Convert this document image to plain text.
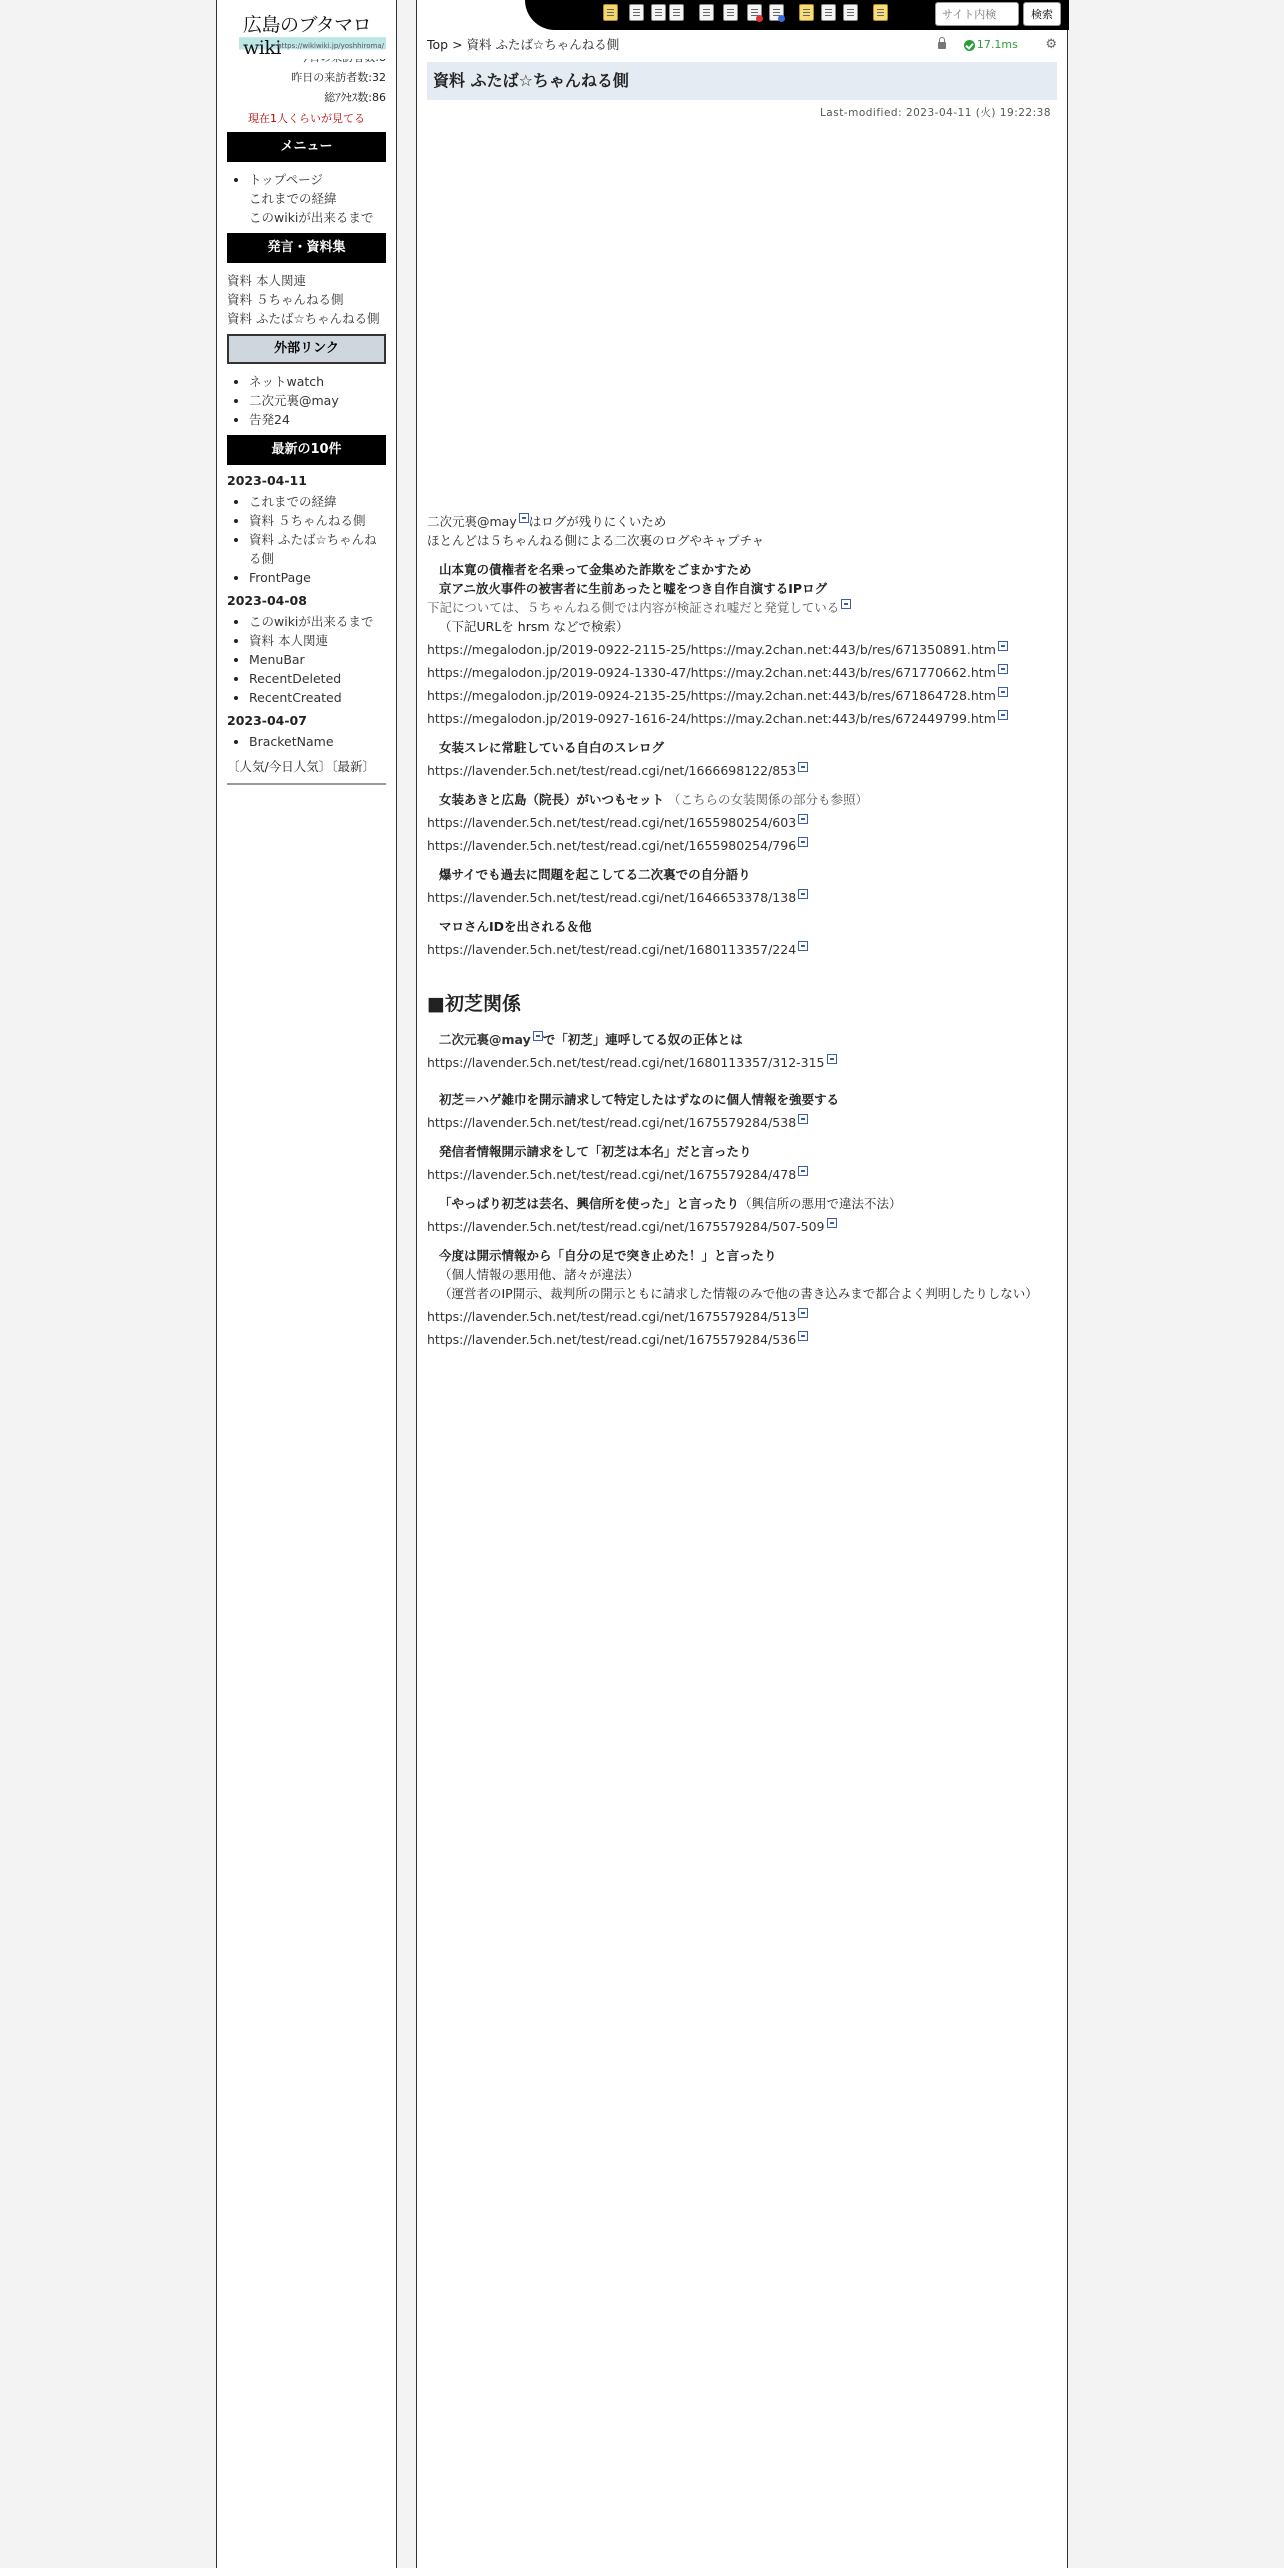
広島のブタマロ wiki
https://wikiwiki.jp/yoshhiroma/
昨日の来訪者数:32
総ｱｸｾｽ数:86
現在1人くらいが見てる
メニュー
• トップページ
これまでの経緯
このwikiが出来るまで
発言・資料集
資料 本人関連
資料 ５ちゃんねる側
資料 ふたば☆ちゃんねる側
外部リンク
• ネットwatch
• 二次元裏@may
• 告発24
最新の10件
2023-04-11
• これまでの経緯
• 資料 ５ちゃんねる側
• 資料 ふたば☆ちゃんねる側
• FrontPage
2023-04-08
• このwikiが出来るまで
• 資料 本人関連
• MenuBar
• RecentDeleted
• RecentCreated
2023-04-07
• BracketName
〔人気/今日人気〕〔最新〕
サイト内検
検索
Top > 資料 ふたば☆ちゃんねる側	17.1ms ⚙
資料 ふたば☆ちゃんねる側
Last-modified: 2023-04-11 (火) 19:22:38
二次元裏@may はログが残りにくいため
ほとんどは５ちゃんねる側による二次裏のログやキャプチャ
山本寛の債権者を名乗って金集めた詐欺をごまかすため
京アニ放火事件の被害者に生前あったと嘘をつき自作自演するIPログ
下記については、５ちゃんねる側では内容が検証され嘘だと発覚している
（下記URLを hrsm などで検索）
https://megalodon.jp/2019-0922-2115-25/https://may.2chan.net:443/b/res/671350891.htm
https://megalodon.jp/2019-0924-1330-47/https://may.2chan.net:443/b/res/671770662.htm
https://megalodon.jp/2019-0924-2135-25/https://may.2chan.net:443/b/res/671864728.htm
https://megalodon.jp/2019-0927-1616-24/https://may.2chan.net:443/b/res/672449799.htm
女装スレに常駐している自白のスレログ
https://lavender.5ch.net/test/read.cgi/net/1666698122/853
女装あきと広島（院長）がいつもセット （こちらの女装関係の部分も参照）
https://lavender.5ch.net/test/read.cgi/net/1655980254/603
https://lavender.5ch.net/test/read.cgi/net/1655980254/796
爆サイでも過去に問題を起こしてる二次裏での自分語り
https://lavender.5ch.net/test/read.cgi/net/1646653378/138
マロさんIDを出される＆他
https://lavender.5ch.net/test/read.cgi/net/1680113357/224
■初芝関係
二次元裏@may で「初芝」連呼してる奴の正体とは
https://lavender.5ch.net/test/read.cgi/net/1680113357/312-315
初芝＝ハゲ雑巾を開示請求して特定したはずなのに個人情報を強要する
https://lavender.5ch.net/test/read.cgi/net/1675579284/538
発信者情報開示請求をして「初芝は本名」だと言ったり
https://lavender.5ch.net/test/read.cgi/net/1675579284/478
「やっぱり初芝は芸名、興信所を使った」と言ったり（興信所の悪用で違法不法）
https://lavender.5ch.net/test/read.cgi/net/1675579284/507-509
今度は開示情報から「自分の足で突き止めた！」と言ったり
（個人情報の悪用他、諸々が違法）
（運営者のIP開示、裁判所の開示ともに請求した情報のみで他の書き込みまで都合よく判明したりしない）
https://lavender.5ch.net/test/read.cgi/net/1675579284/513
https://lavender.5ch.net/test/read.cgi/net/1675579284/536
